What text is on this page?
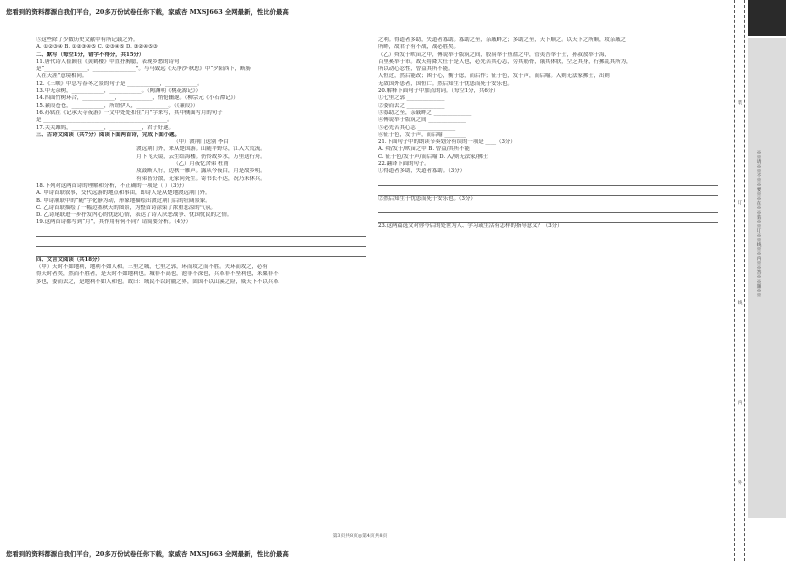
您看到的资料都源自我们平台，20多万份试卷任你下载，家威杏 MXSJ663 全网最新，性比价最高
⑤这些除了少数历史文献中有所记载之外。
A. ①②③④ B. ①②③④⑤ C. ②③④⑤ D. ③②④⑤③
二、默写（每空1分，错字不得分，共15分）
11.唐代诗人崔颢在《黄鹤楼》中直抒胸臆，表现乡愁的诗句
是“________________，________________”。与马致远《天净沙·秋思》中“夕阳西下，断肠
人在天涯”意境相同。
12.《三峡》中总写春冬之景的句子是 ____________，____________。
13.中无杂树，____________，____________。（陶渊明《桃花源记》）
14.四面竹树环合，____________，____________，悄怆幽邃。（柳宗元《小石潭记》）
15.蒹葭苍苍，____________，所谓伊人，____________。（《蒹葭》）
16.苏轼在《记承天寺夜游》一文中处处扣住“月”字来写，其中侧面写月的句子
是 ______________________________________________。
17.关关雎鸠，____________，____________，君子好逑。
三、古诗文阅读（共7分）阅读下面两首诗，完成下面小题。
（甲）渡荆门送别 李白
渡远荆门外，来从楚国游。山随平野尽，江入大荒流。
月下飞天镜，云生结海楼。仍怜故乡水，万里送行舟。
（乙）月夜忆舍弟 杜甫
戍鼓断人行，边秋一雁声。露从今夜白，月是故乡明。
有弟皆分散，无家问死生。寄书长不达，况乃未休兵。
18.下列对这两首诗的理解和分析，不正确的一项是（ ）（3分）
A. 甲诗首联叙事，交代远游的地点和事由，即诗人是从楚地渡远荆门外。
B. 甲诗颔联中的“随”字化静为动，形象地描绘出渡过荆门后的壮阔景象。
C. 乙诗首联描绘了一幅边塞秋天的图景，为整首诗涂染了浓重悲凉的气氛。
D. 乙诗尾联进一步抒发内心的忧虑心情，表达了诗人厌恶战争、忧国忧民的之情。
19.这两首诗都写到“月”，其作用有何不同？请简要分析。（4分）
四、文言文阅读（共18分）
（甲）天时不如地利，地利不如人和。三里之城，七里之郭，环而攻之而不胜。夫环而攻之，必有
得天时者矣，然而不胜者，是天时不如地利也。城非不高也，池非不深也，兵革非不坚利也，米粟非不
多也，委而去之，是地利不如人和也。故曰：域民不以封疆之界，固国不以山溪之险，威天下不以兵革
之利。得道者多助，失道者寡助。寡助之至，亲戚畔之；多助之至，天下顺之。以天下之所顺，攻亲戚之
所畔，故君子有不战，战必胜矣。
（乙）舜发于畎亩之中，傅说举于版筑之间，胶鬲举于鱼盐之中，管夷吾举于士，孙叔敖举于海，
百里奚举于市。故天将降大任于是人也，必先苦其心志，劳其筋骨，饿其体肤，空乏其身，行拂乱其所为，
所以动心忍性，曾益其所不能。
人恒过，然后能改；困于心，衡于虑，而后作；征于色，发于声，而后喻。入则无法家拂士，出则
无敌国外患者，国恒亡。然后知生于忧患而死于安乐也。
20.解释下面句子中加点的词。（每空1分，共6分）
①七里之郭 ______________
②委而去之 ______________
③寡助之至，亲戚畔之 ______________
④傅说举于版筑之间 ______________
⑤必先苦其心志 ______________
⑥征于色，发于声，而后喻 ________
21.下面句子中的朗读节奏划分有误的一项是 ____（3分）
A. 舜/发于/畎亩之中 B. 曾益/其所不能
C. 征于色/发于声/而后喻 D. 入/则无法家/拂士
22.翻译下面的句子。
①得道者多助，失道者寡助。（3分）
②然后知生于忧患而死于安乐也。（3分）
23.这两篇选文对你今后的处世为人、学习或生活有怎样的指导意义？（3分）
第3页共8页◎第4页共8页
※※请※※不※※要※※在※※装※※订※※线※※内※※答※※题※※
装
订
线
内
外
您看到的资料都源自我们平台，20多万份试卷任你下载，家威杏 MXSJ663 全网最新，性比价最高
